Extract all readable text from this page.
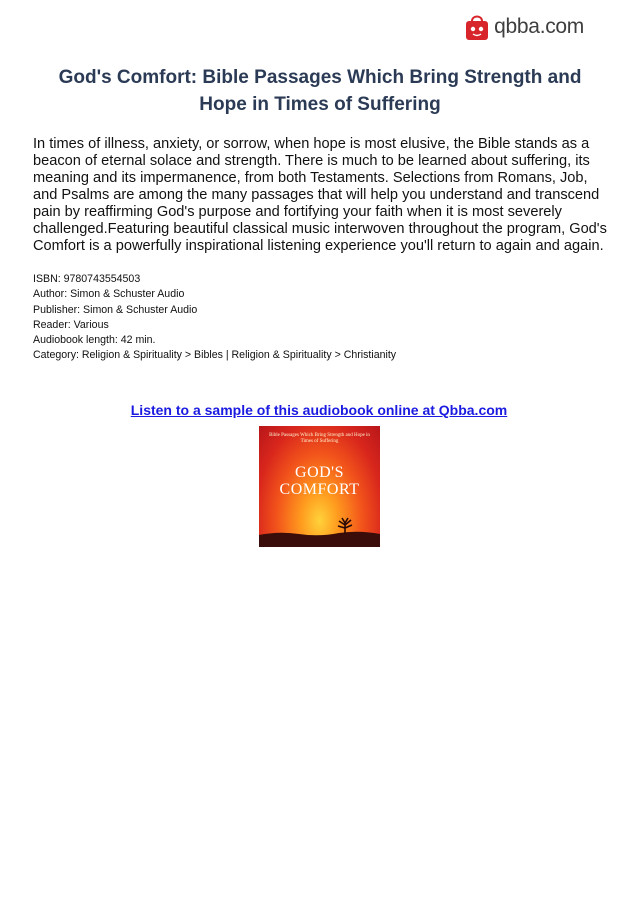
qbba.com
God's Comfort: Bible Passages Which Bring Strength and Hope in Times of Suffering

In times of illness, anxiety, or sorrow, when hope is most elusive, the Bible stands as a beacon of eternal solace and strength. There is much to be learned about suffering, its meaning and its impermanence, from both Testaments. Selections from Romans, Job, and Psalms are among the many passages that will help you understand and transcend pain by reaffirming God's purpose and fortifying your faith when it is most severely challenged.Featuring beautiful classical music interwoven throughout the program, God's Comfort is a powerfully inspirational listening experience you'll return to again and again.

ISBN: 9780743554503
Author: Simon & Schuster Audio
Publisher: Simon & Schuster Audio
Reader: Various
Audiobook length: 42 min.
Category: Religion & Spirituality > Bibles | Religion & Spirituality > Christianity
Listen to a sample of this audiobook online at Qbba.com
Bible Passages Which Bring Strength and Hope in Times of Suffering
GOD'S
COMFORT
